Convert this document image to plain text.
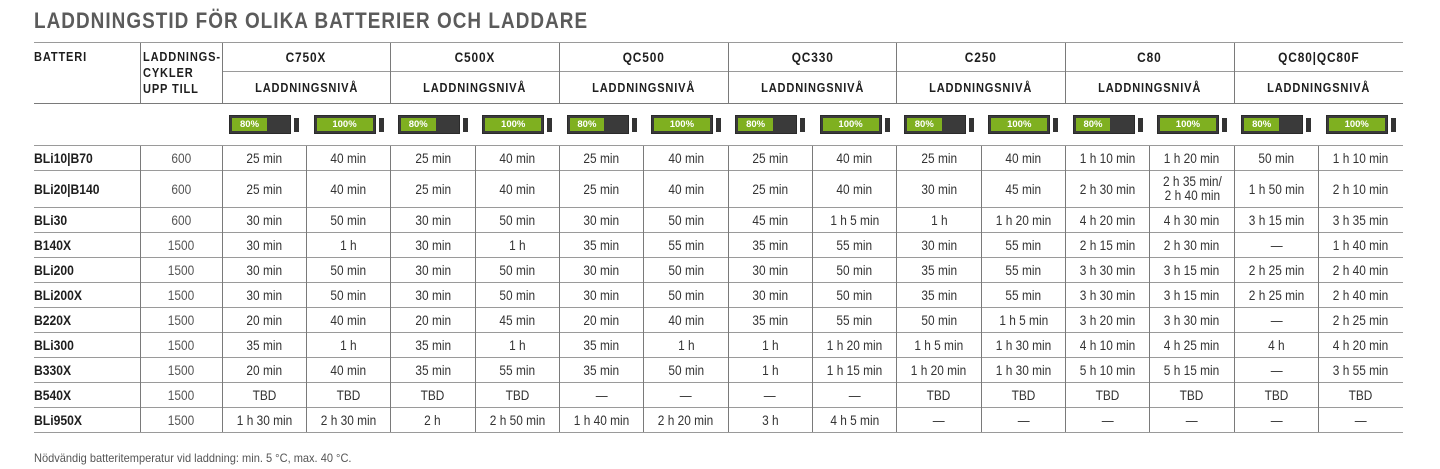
LADDNINGSTID FÖR OLIKA BATTERIER OCH LADDARE
BATTERI	LADDNINGS-
CYKLER
UPP TILL	C750X		C500X		QC500		QC330		C250		C80		QC80|QC80F	
		LADDNINGSNIVÅ		LADDNINGSNIVÅ		LADDNINGSNIVÅ		LADDNINGSNIVÅ		LADDNINGSNIVÅ		LADDNINGSNIVÅ		LADDNINGSNIVÅ	

80%	100%	80%	100%	80%	100%	80%	100%	80%	100%	80%	100%	80%	100%

BLi10|B70	600	25 min	40 min	25 min	40 min	25 min	40 min	25 min	40 min	25 min	40 min	1 h 10 min	1 h 20 min	50 min	1 h 10 min
BLi20|B140	600	25 min	40 min	25 min	40 min	25 min	40 min	25 min	40 min	30 min	45 min	2 h 30 min	2 h 35 min/
2 h 40 min	1 h 50 min	2 h 10 min
BLi30	600	30 min	50 min	30 min	50 min	30 min	50 min	45 min	1 h 5 min	1 h	1 h 20 min	4 h 20 min	4 h 30 min	3 h 15 min	3 h 35 min
B140X	1500	30 min	1 h	30 min	1 h	35 min	55 min	35 min	55 min	30 min	55 min	2 h 15 min	2 h 30 min	—	1 h 40 min
BLi200	1500	30 min	50 min	30 min	50 min	30 min	50 min	30 min	50 min	35 min	55 min	3 h 30 min	3 h 15 min	2 h 25 min	2 h 40 min
BLi200X	1500	30 min	50 min	30 min	50 min	30 min	50 min	30 min	50 min	35 min	55 min	3 h 30 min	3 h 15 min	2 h 25 min	2 h 40 min
B220X	1500	20 min	40 min	20 min	45 min	20 min	40 min	35 min	55 min	50 min	1 h 5 min	3 h 20 min	3 h 30 min	—	2 h 25 min
BLi300	1500	35 min	1 h	35 min	1 h	35 min	1 h	1 h	1 h 20 min	1 h 5 min	1 h 30 min	4 h 10 min	4 h 25 min	4 h	4 h 20 min
B330X	1500	20 min	40 min	35 min	55 min	35 min	50 min	1 h	1 h 15 min	1 h 20 min	1 h 30 min	5 h 10 min	5 h 15 min	—	3 h 55 min
B540X	1500	TBD	TBD	TBD	TBD	—	—	—	—	TBD	TBD	TBD	TBD	TBD	TBD
BLi950X	1500	1 h 30 min	2 h 30 min	2 h	2 h 50 min	1 h 40 min	2 h 20 min	3 h	4 h 5 min	—	—	—	—	—	—
Nödvändig batteritemperatur vid laddning: min. 5 °C, max. 40 °C.
